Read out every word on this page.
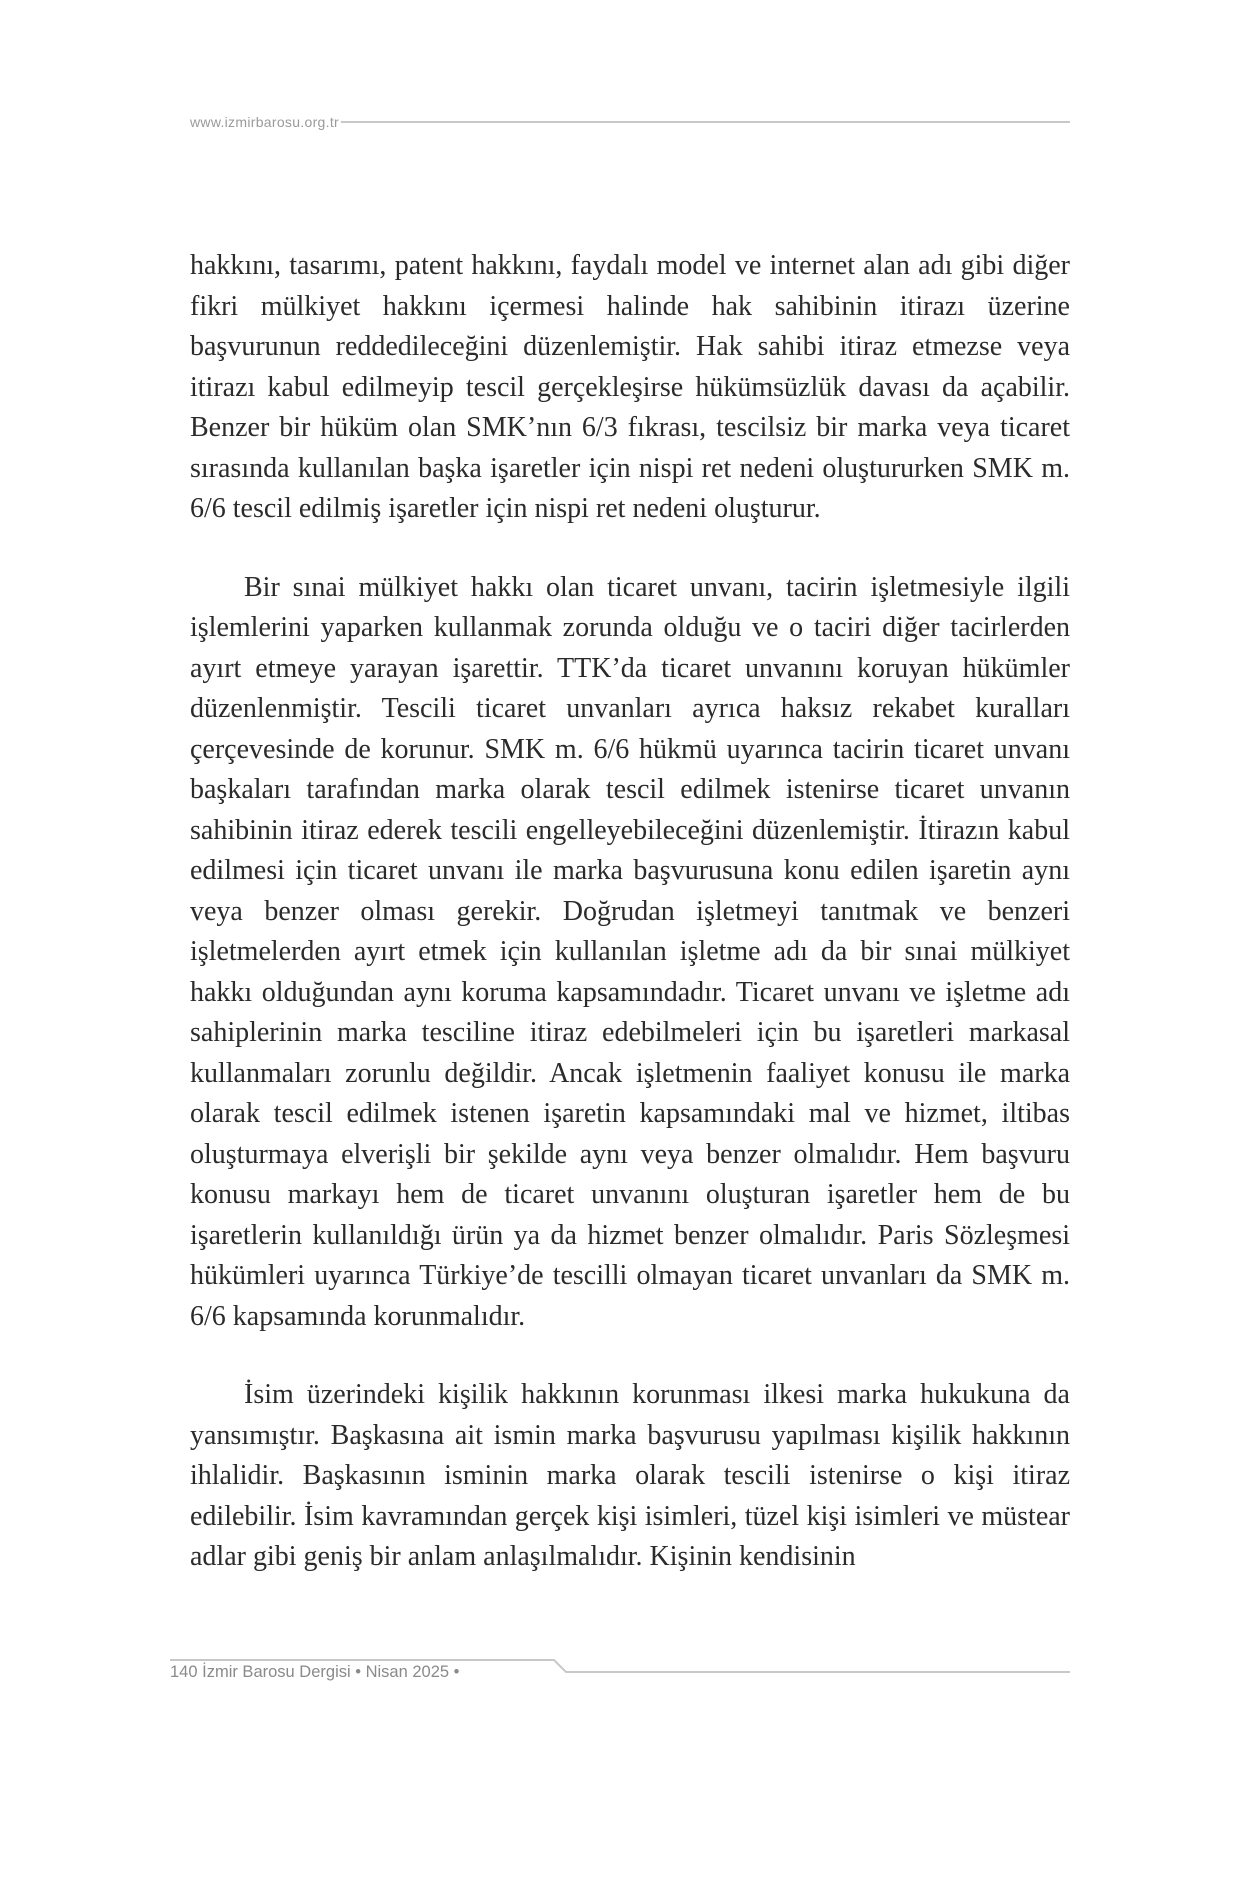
www.izmirbarosu.org.tr

hakkını, tasarımı, patent hakkını, faydalı model ve internet alan adı gibi diğer fikri mülkiyet hakkını içermesi halinde hak sahibinin itirazı üzerine başvurunun reddedileceğini düzenlemiştir. Hak sahibi itiraz etmezse veya itirazı kabul edilmeyip tescil gerçekleşirse hükümsüzlük davası da açabilir. Benzer bir hüküm olan SMK’nın 6/3 fıkrası, tescilsiz bir marka veya ticaret sırasında kullanılan başka işaretler için nispi ret nedeni oluştururken SMK m. 6/6 tescil edilmiş işaretler için nispi ret nedeni oluşturur.

Bir sınai mülkiyet hakkı olan ticaret unvanı, tacirin işletmesiyle ilgili işlemlerini yaparken kullanmak zorunda olduğu ve o taciri diğer tacirlerden ayırt etmeye yarayan işarettir. TTK’da ticaret unvanını koruyan hükümler düzenlenmiştir. Tescili ticaret unvanları ayrıca haksız rekabet kuralları çerçevesinde de korunur. SMK m. 6/6 hükmü uyarınca tacirin ticaret unvanı başkaları tarafından marka olarak tescil edilmek istenirse ticaret unvanın sahibinin itiraz ederek tescili engelleyebileceğini düzenlemiştir. İtirazın kabul edilmesi için ticaret unvanı ile marka başvurusuna konu edilen işaretin aynı veya benzer olması gerekir. Doğrudan işletmeyi tanıtmak ve benzeri işletmelerden ayırt etmek için kullanılan işletme adı da bir sınai mülkiyet hakkı olduğundan aynı koruma kapsamındadır. Ticaret unvanı ve işletme adı sahiplerinin marka tesciline itiraz edebilmeleri için bu işaretleri markasal kullanmaları zorunlu değildir. Ancak işletmenin faaliyet konusu ile marka olarak tescil edilmek istenen işaretin kapsamındaki mal ve hizmet, iltibas oluşturmaya elverişli bir şekilde aynı veya benzer olmalıdır. Hem başvuru konusu markayı hem de ticaret unvanını oluşturan işaretler hem de bu işaretlerin kullanıldığı ürün ya da hizmet benzer olmalıdır. Paris Sözleşmesi hükümleri uyarınca Türkiye’de tescilli olmayan ticaret unvanları da SMK m. 6/6 kapsamında korunmalıdır.

İsim üzerindeki kişilik hakkının korunması ilkesi marka hukukuna da yansımıştır. Başkasına ait ismin marka başvurusu yapılması kişilik hakkının ihlalidir. Başkasının isminin marka olarak tescili istenirse o kişi itiraz edilebilir. İsim kavramından gerçek kişi isimleri, tüzel kişi isimleri ve müstear adlar gibi geniş bir anlam anlaşılmalıdır. Kişinin kendisinin

140 İzmir Barosu Dergisi • Nisan 2025 •
